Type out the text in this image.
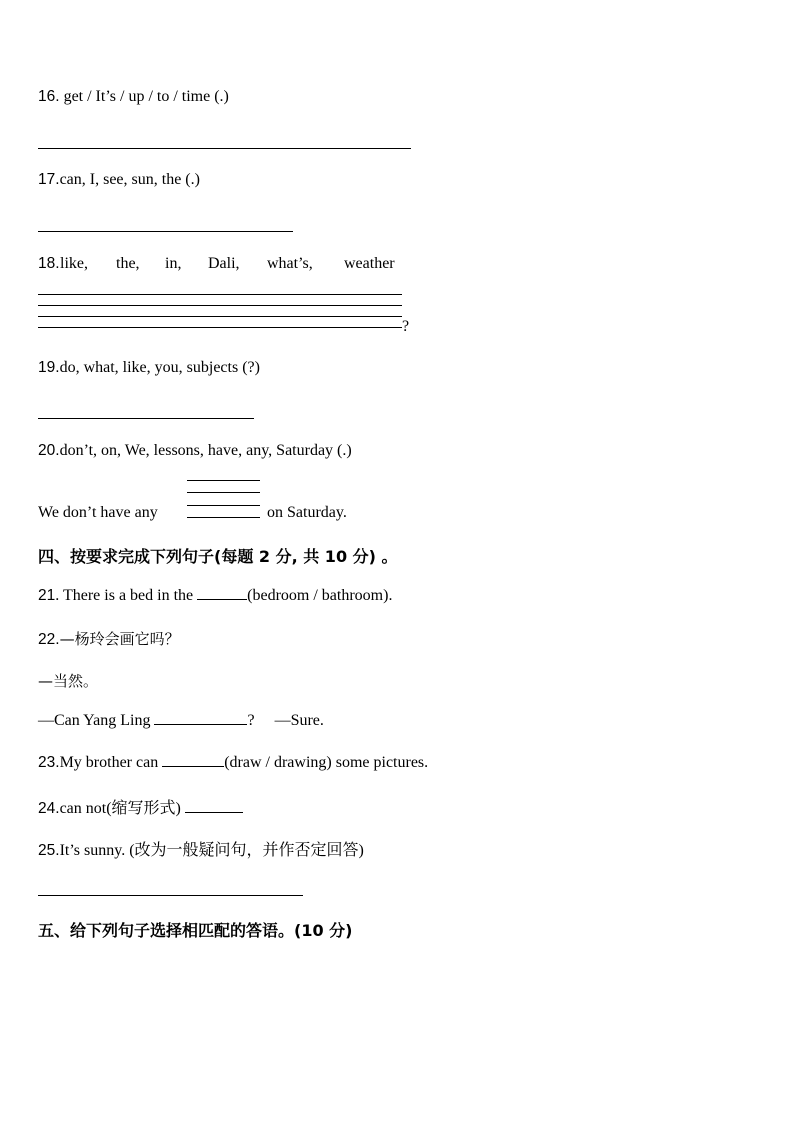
16. get / It’s / up / to / time (.)
17.can, I, see, sun, the (.)
18. like, the, in, Dali, what’s, weather
?
19.do, what, like, you, subjects (?)
20.don’t, on, We, lessons, have, any, Saturday (.)
We don’t have any	on Saturday.
四、按要求完成下列句子(每题 2 分, 共 10 分) 。
21. There is a bed in the	(bedroom / bathroom).
22.—杨玲会画它吗？
—当然。
—Can Yang Ling	? —Sure.
23.My brother can	(draw / drawing) some pictures.
24.can not(缩写形式)
25.It’s sunny. (改为一般疑问句，并作否定回答)
五、给下列句子选择相匹配的答语。(10 分)
